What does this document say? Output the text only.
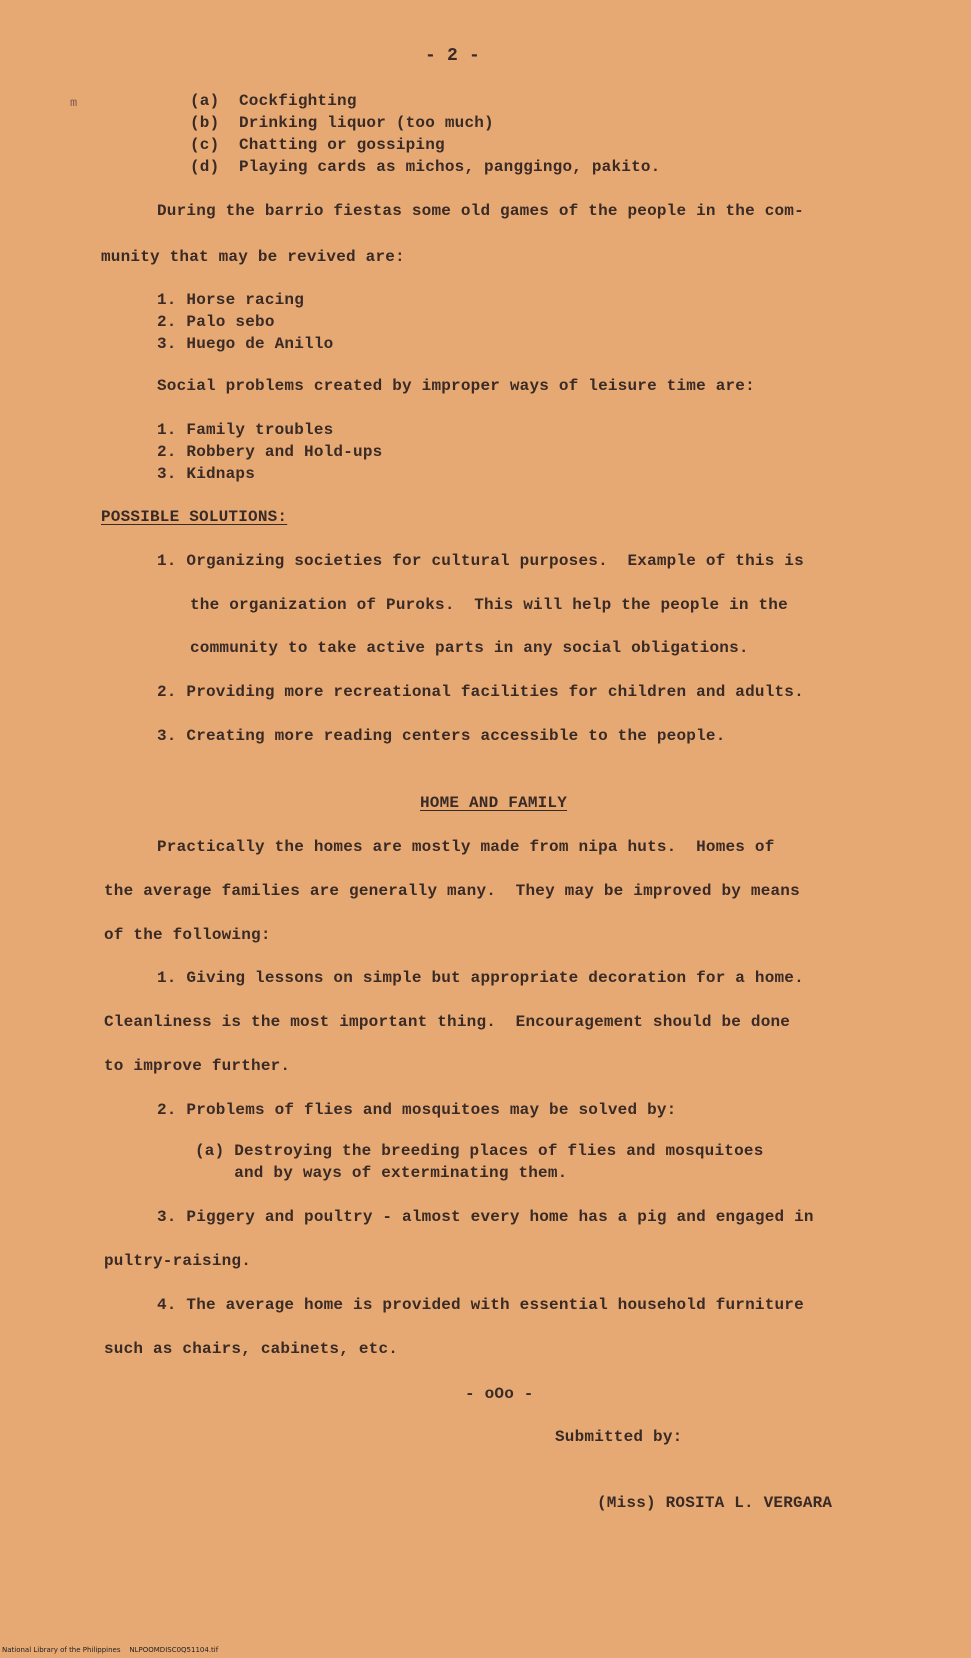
- 2 -
m	(a)  Cockfighting
(b)  Drinking liquor (too much)
(c)  Chatting or gossiping
(d)  Playing cards as michos, panggingo, pakito.
During the barrio fiestas some old games of the people in the com-
munity that may be revived are:
1. Horse racing
2. Palo sebo
3. Huego de Anillo
Social problems created by improper ways of leisure time are:
1. Family troubles
2. Robbery and Hold-ups
3. Kidnaps
POSSIBLE SOLUTIONS:
1. Organizing societies for cultural purposes.  Example of this is
the organization of Puroks.  This will help the people in the
community to take active parts in any social obligations.
2. Providing more recreational facilities for children and adults.
3. Creating more reading centers accessible to the people.
HOME AND FAMILY
Practically the homes are mostly made from nipa huts.  Homes of
the average families are generally many.  They may be improved by means
of the following:
1. Giving lessons on simple but appropriate decoration for a home.
Cleanliness is the most important thing.  Encouragement should be done
to improve further.
2. Problems of flies and mosquitoes may be solved by:
(a) Destroying the breeding places of flies and mosquitoes
and by ways of exterminating them.
3. Piggery and poultry - almost every home has a pig and engaged in
pultry-raising.
4. The average home is provided with essential household furniture
such as chairs, cabinets, etc.
- oOo -
Submitted by:
(Miss) ROSITA L. VERGARA
National Library of the Philippines    NLPOOMDISC0Q51104.tif
